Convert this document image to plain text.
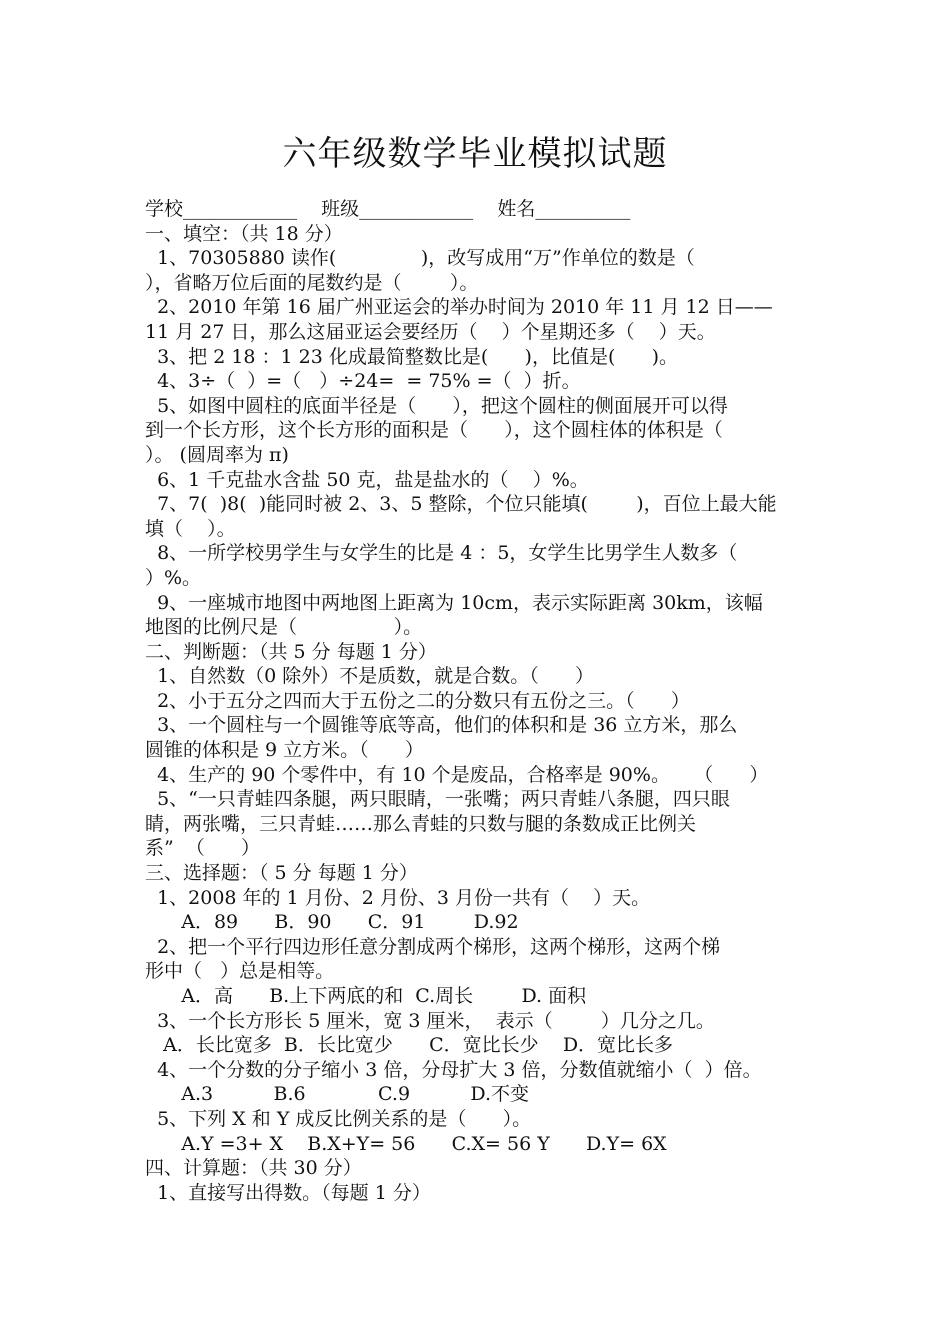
六年级数学毕业模拟试题
学校____________    班级____________    姓名__________
一、填空：（共 18 分）
1、70305880 读作(              )，改写成用“万”作单位的数是（
），省略万位后面的尾数约是（        ）。
2、2010 年第 16 届广州亚运会的举办时间为 2010 年 11 月 12 日——
11 月 27 日，那么这届亚运会要经历（    ）个星期还多（    ）天。
3、把 2 18 ：1 23 化成最简整数比是(      )，比值是(      )。
4、3÷（  ）=（   ）÷24=  = 75% =（  ）折。
5、如图中圆柱的底面半径是（      ），把这个圆柱的侧面展开可以得
到一个长方形，这个长方形的面积是（      ），这个圆柱体的体积是（
）。 (圆周率为 π)
6、1 千克盐水含盐 50 克，盐是盐水的（    ）%。
7、7(  )8(  )能同时被 2、3、5 整除，个位只能填(        )，百位上最大能
填（    ）。
8、一所学校男学生与女学生的比是 4 ：5，女学生比男学生人数多（
）%。
9、一座城市地图中两地图上距离为 10cm，表示实际距离 30km，该幅
地图的比例尺是（                ）。
二、判断题：（共 5 分 每题 1 分）
1、自然数（0 除外）不是质数，就是合数。（      ）
2、小于五分之四而大于五份之二的分数只有五份之三。（      ）
3、一个圆柱与一个圆锥等底等高，他们的体积和是 36 立方米，那么
圆锥的体积是 9 立方米。（      ）
4、生产的 90 个零件中，有 10 个是废品，合格率是 90%。    （      ）
5、“一只青蛙四条腿，两只眼睛，一张嘴；两只青蛙八条腿，四只眼
睛，两张嘴，三只青蛙……那么青蛙的只数与腿的条数成正比例关
系”  （      ）
三、选择题：（ 5 分 每题 1 分）
1、2008 年的 1 月份、2 月份、3 月份一共有（    ）天。
A．89      B．90      C．91        D.92
2、把一个平行四边形任意分割成两个梯形，这两个梯形，这两个梯
形中（   ）总是相等。
A．高      B.上下两底的和  C.周长        D. 面积
3、一个长方形长 5 厘米，宽 3 厘米，  表示（        ）几分之几。
A．长比宽多  B．长比宽少      C．宽比长少    D．宽比长多
4、一个分数的分子缩小 3 倍，分母扩大 3 倍，分数值就缩小（  ）倍。
A.3          B.6            C.9          D.不变
5、下列 X 和 Y 成反比例关系的是（      ）。
A.Y =3+ X    B.X+Y= 56      C.X= 56 Y      D.Y= 6X
四、计算题：（共 30 分）
1、直接写出得数。（每题 1 分）
